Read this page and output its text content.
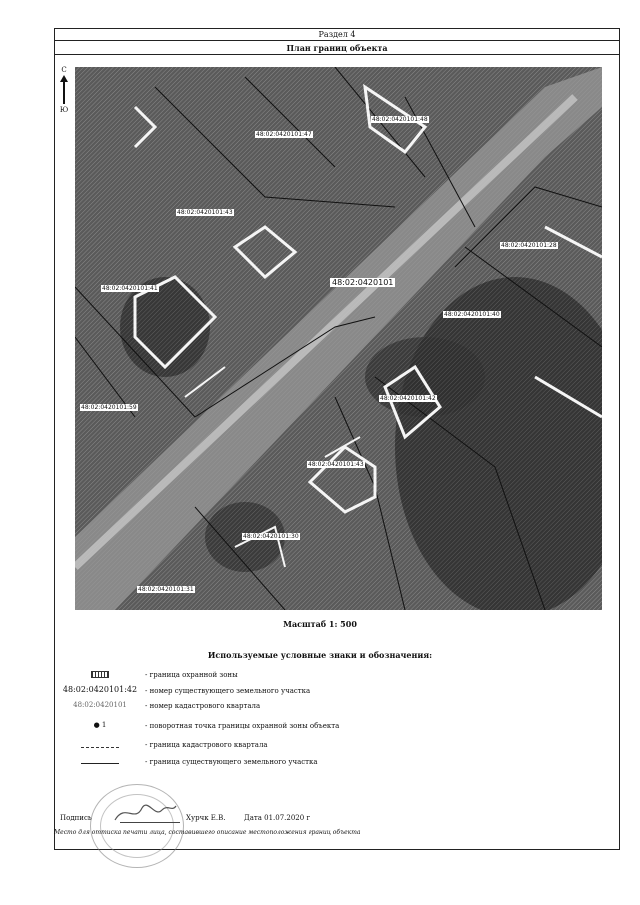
Раздел 4
План границ объекта
С
Ю
48:02:0420101:48
48:02:0420101:47
48:02:0420101:43
48:02:0420101:41
48:02:0420101:59
48:02:0420101:28
48:02:0420101:40
48:02:0420101:42
48:02:0420101:43
48:02:0420101:30
48:02:0420101:31
48:02:0420101
Масштаб 1: 500
Используемые условные знаки и обозначения:
- граница охранной зоны
48:02:0420101:42	- номер существующего земельного участка
48:02:0420101	- номер кадастрового квартала
● 1	- поворотная точка границы охранной зоны объекта
- граница кадастрового квартала
- граница существующего земельного участка
Подпись	Хурчк Е.В.	Дата 01.07.2020 г
Место для оттиска печати лица, составившего описание местоположения границ объекта
